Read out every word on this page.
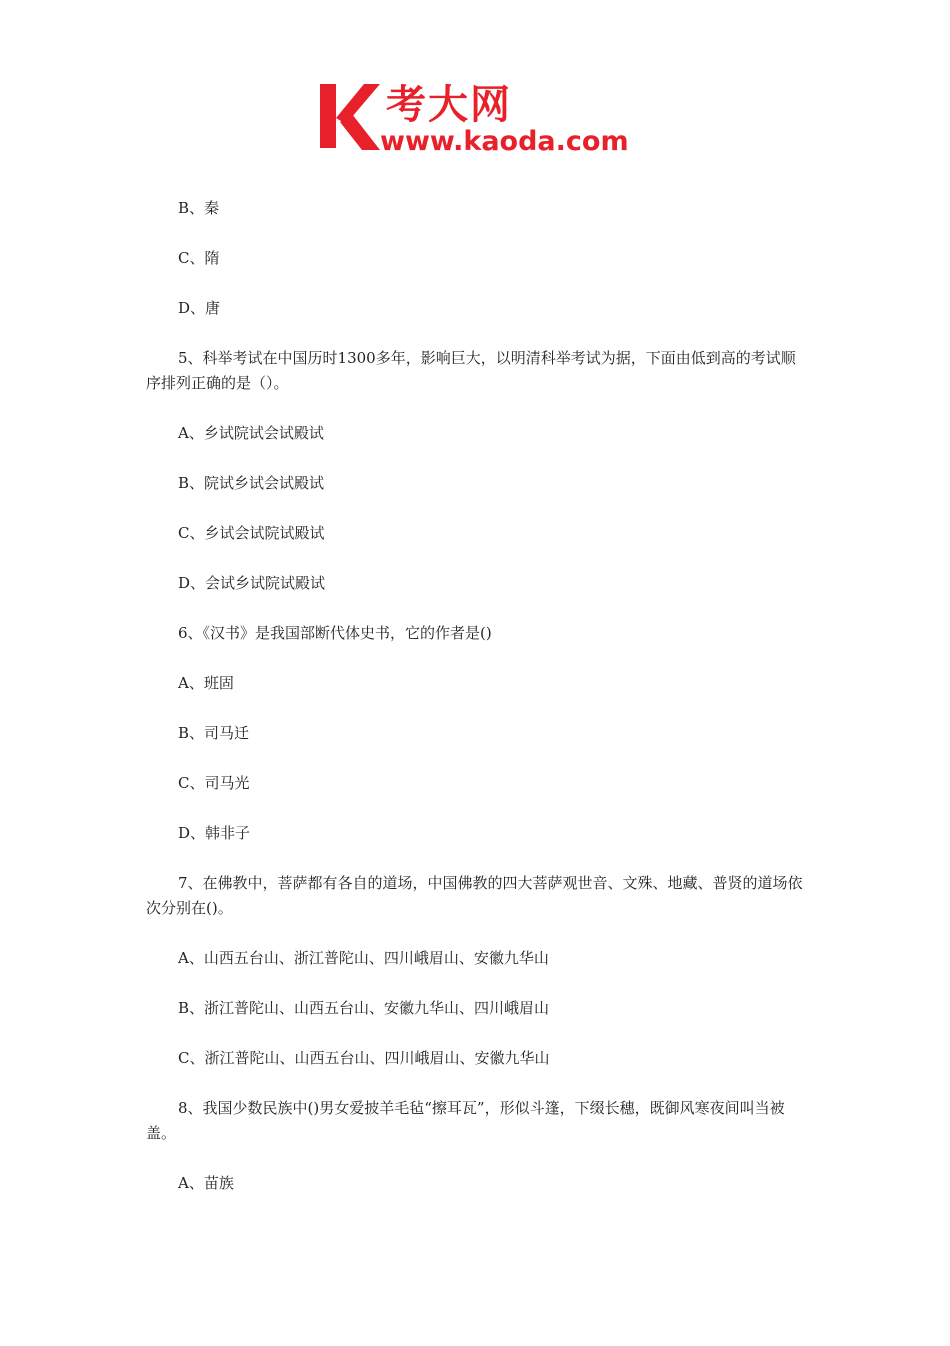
考大网
www.kaoda.com

B、秦

C、隋

D、唐

5、科举考试在中国历时1300多年，影响巨大，以明清科举考试为据，下面由低到高的考试顺序排列正确的是（）。

A、乡试院试会试殿试

B、院试乡试会试殿试

C、乡试会试院试殿试

D、会试乡试院试殿试

6、《汉书》是我国部断代体史书，它的作者是()

A、班固

B、司马迁

C、司马光

D、韩非子

7、在佛教中，菩萨都有各自的道场，中国佛教的四大菩萨观世音、文殊、地藏、普贤的道场依次分别在()。

A、山西五台山、浙江普陀山、四川峨眉山、安徽九华山

B、浙江普陀山、山西五台山、安徽九华山、四川峨眉山

C、浙江普陀山、山西五台山、四川峨眉山、安徽九华山

8、我国少数民族中()男女爱披羊毛毡“擦耳瓦”，形似斗篷，下缀长穗，既御风寒夜间叫当被盖。

A、苗族
